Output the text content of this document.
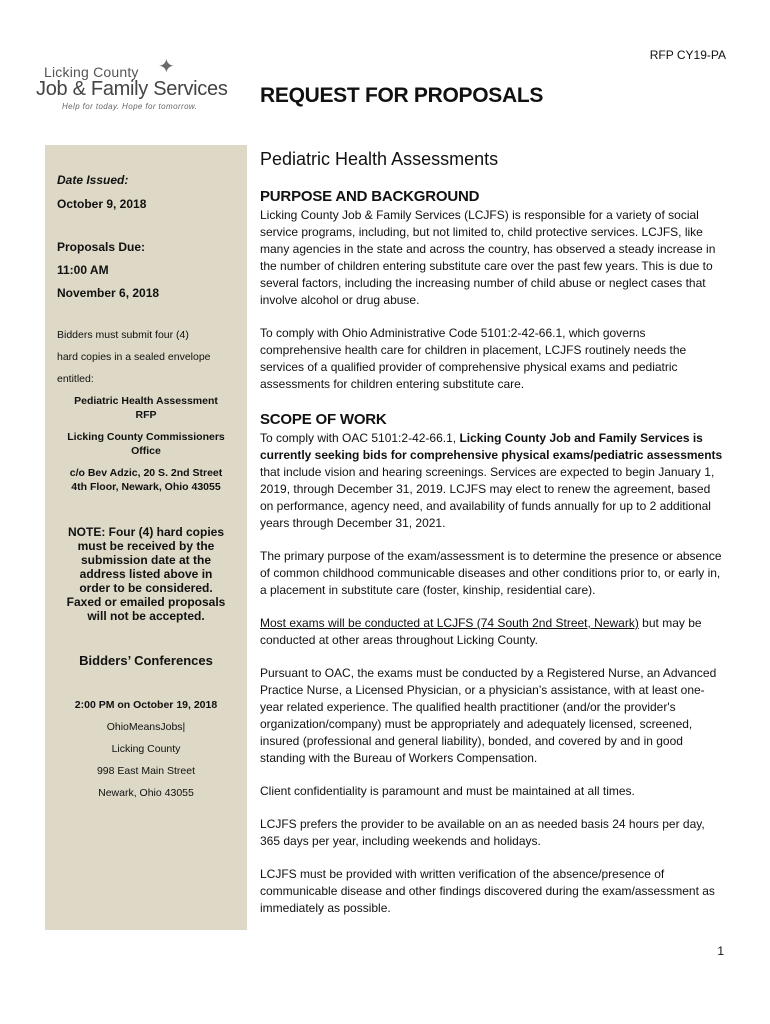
RFP CY19-PA
Licking County ✦
Job & Family Services
Help for today. Hope for tomorrow.	REQUEST FOR PROPOSALS
Date Issued:
October 9, 2018
Proposals Due:
11:00 AM
November 6, 2018
Bidders must submit four (4)
hard copies in a sealed envelope
entitled:
Pediatric Health Assessment
RFP
Licking County Commissioners
Office
c/o Bev Adzic, 20 S. 2nd Street
4th Floor, Newark, Ohio 43055
NOTE: Four (4) hard copies
must be received by the
submission date at the
address listed above in
order to be considered.
Faxed or emailed proposals
will not be accepted.
Bidders’ Conferences
2:00 PM on October 19, 2018
OhioMeansJobs|
Licking County
998 East Main Street
Newark, Ohio 43055
Pediatric Health Assessments
PURPOSE AND BACKGROUND

Licking County Job & Family Services (LCJFS) is responsible for a variety of social service programs, including, but not limited to, child protective services. LCJFS, like many agencies in the state and across the country, has observed a steady increase in the number of children entering substitute care over the past few years. This is due to several factors, including the increasing number of child abuse or neglect cases that involve alcohol or drug abuse.

To comply with Ohio Administrative Code 5101:2-42-66.1, which governs comprehensive health care for children in placement, LCJFS routinely needs the services of a qualified provider of comprehensive physical exams and pediatric assessments for children entering substitute care.

SCOPE OF WORK

To comply with OAC 5101:2-42-66.1, Licking County Job and Family Services is currently seeking bids for comprehensive physical exams/pediatric assessments that include vision and hearing screenings. Services are expected to begin January 1, 2019, through December 31, 2019. LCJFS may elect to renew the agreement, based on performance, agency need, and availability of funds annually for up to 2 additional years through December 31, 2021.

The primary purpose of the exam/assessment is to determine the presence or absence of common childhood communicable diseases and other conditions prior to, or early in, a placement in substitute care (foster, kinship, residential care).

Most exams will be conducted at LCJFS (74 South 2nd Street, Newark) but may be conducted at other areas throughout Licking County.

Pursuant to OAC, the exams must be conducted by a Registered Nurse, an Advanced Practice Nurse, a Licensed Physician, or a physician’s assistance, with at least one-year related experience. The qualified health practitioner (and/or the provider's organization/company) must be appropriately and adequately licensed, screened, insured (professional and general liability), bonded, and covered by and in good standing with the Bureau of Workers Compensation.

Client confidentiality is paramount and must be maintained at all times.

LCJFS prefers the provider to be available on an as needed basis 24 hours per day, 365 days per year, including weekends and holidays.

LCJFS must be provided with written verification of the absence/presence of communicable disease and other findings discovered during the exam/assessment as immediately as possible.

1
